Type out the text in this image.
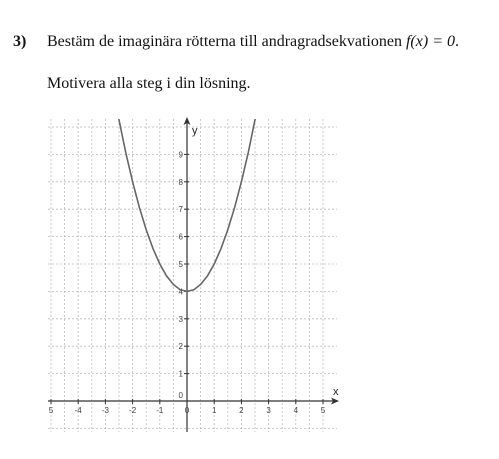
3) Bestäm de imaginära rötterna till andragradsekvationen f(x) = 0.
Motivera alla steg i din lösning.
5	-4	-3	-2	-1	0	1	2	3	4	5
1
2
3
4
5
6
7
8
9
0	x
y
